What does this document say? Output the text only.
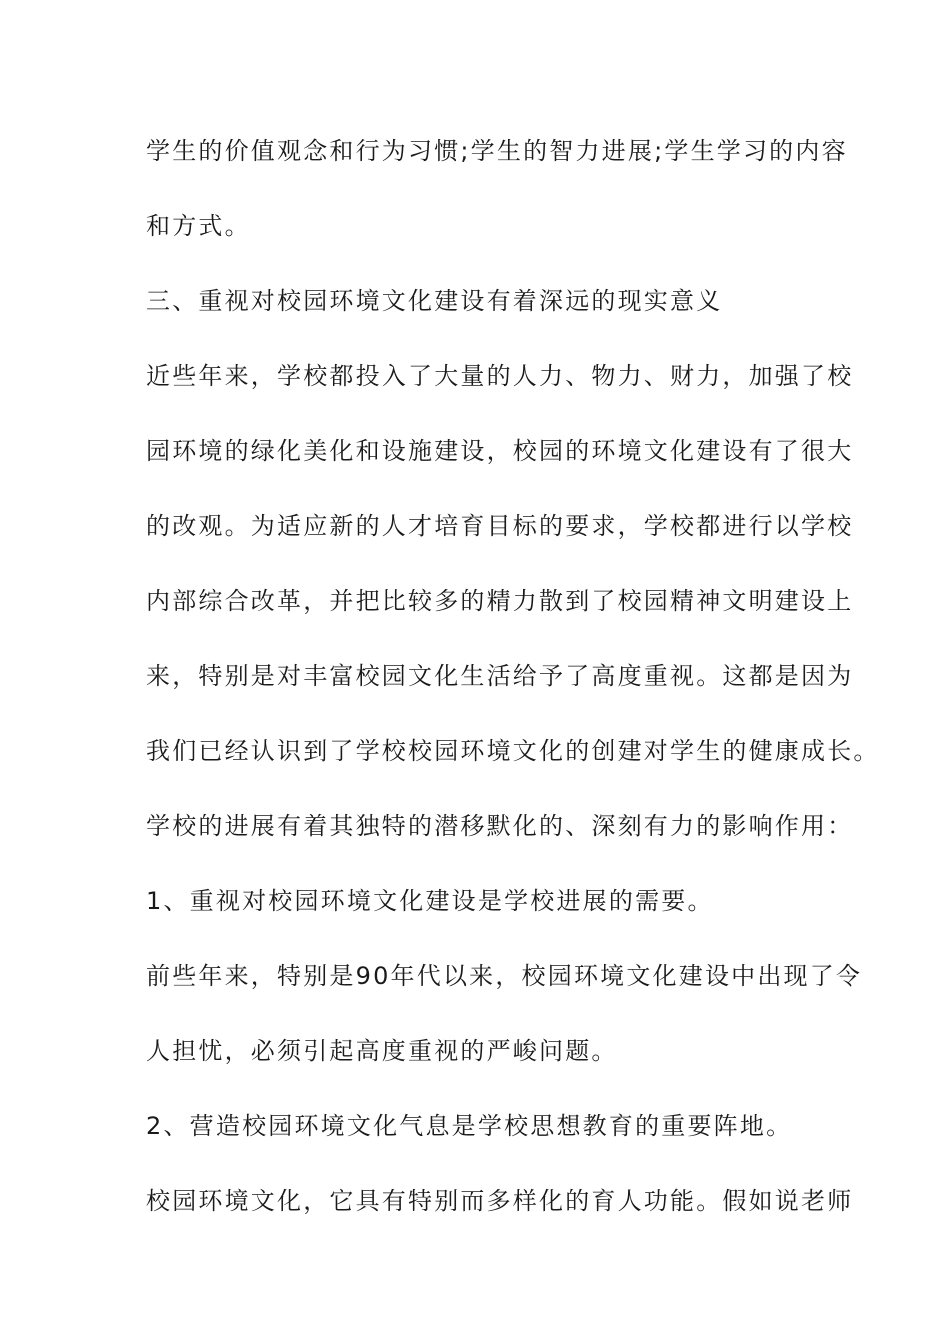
学生的价值观念和行为习惯;学生的智力进展;学生学习的内容
和方式。
三、重视对校园环境文化建设有着深远的现实意义
近些年来，学校都投入了大量的人力、物力、财力，加强了校
园环境的绿化美化和设施建设，校园的环境文化建设有了很大
的改观。为适应新的人才培育目标的要求，学校都进行以学校
内部综合改革，并把比较多的精力散到了校园精神文明建设上
来，特别是对丰富校园文化生活给予了高度重视。这都是因为
我们已经认识到了学校校园环境文化的创建对学生的健康成长。
学校的进展有着其独特的潜移默化的、深刻有力的影响作用：
1、重视对校园环境文化建设是学校进展的需要。
前些年来，特别是90年代以来，校园环境文化建设中出现了令
人担忧，必须引起高度重视的严峻问题。
2、营造校园环境文化气息是学校思想教育的重要阵地。
校园环境文化，它具有特别而多样化的育人功能。假如说老师
